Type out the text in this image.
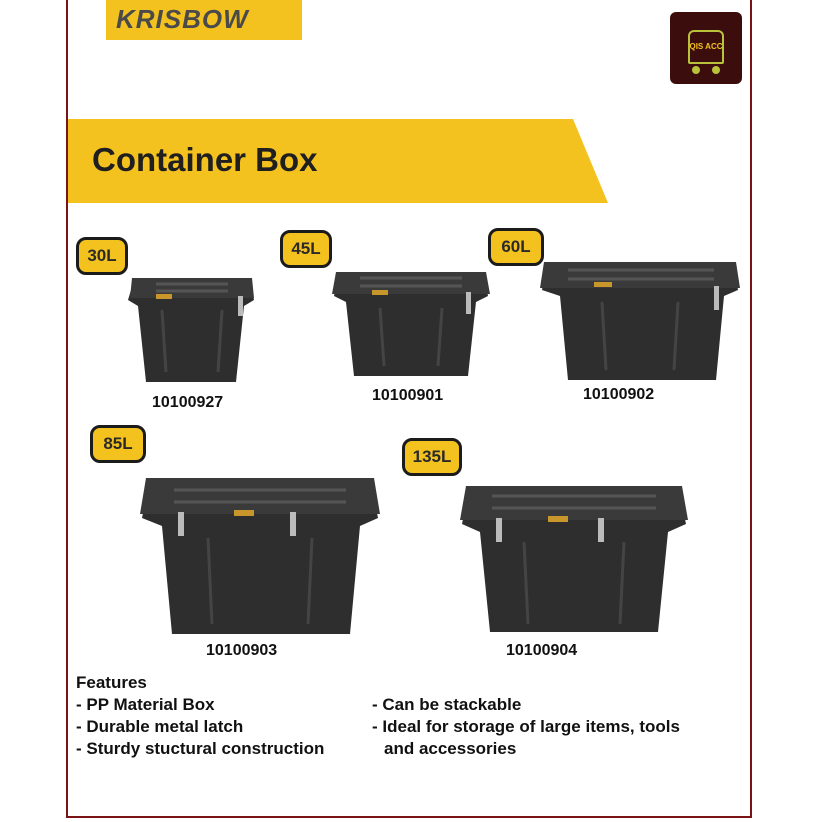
KRISBOW
QIS ACC
Container Box
30L
10100927
45L
10100901
60L
10100902
85L
10100903
135L
10100904
Features
- PP Material Box
- Durable metal latch
- Sturdy stuctural construction
- Can be stackable
- Ideal for storage of large items, tools
and accessories
